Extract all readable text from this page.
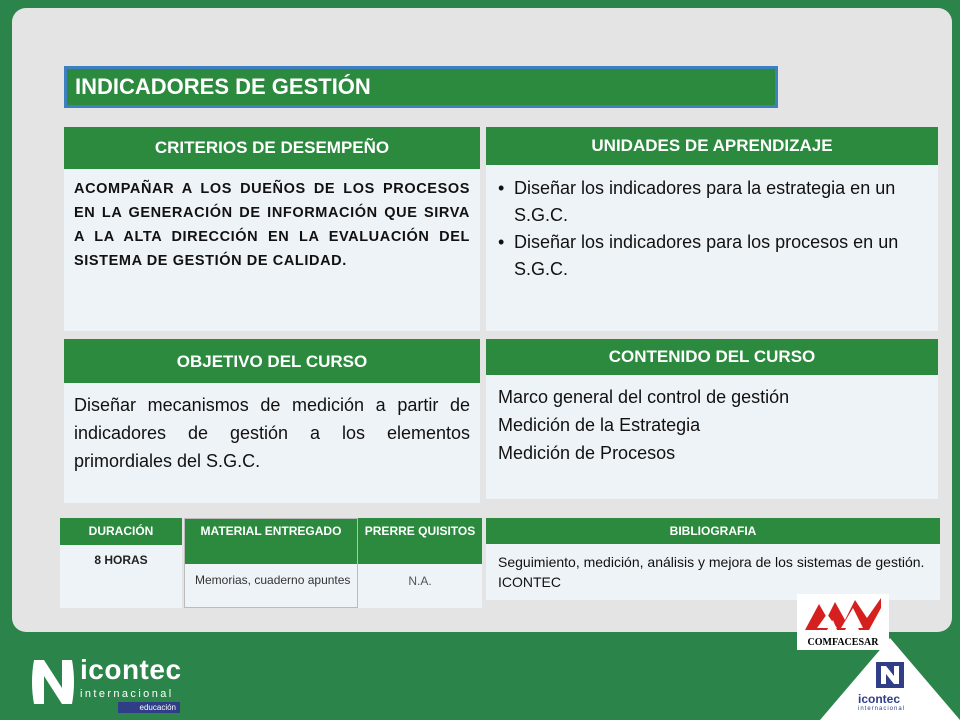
INDICADORES DE GESTIÓN
CRITERIOS DE DESEMPEÑO
ACOMPAÑAR A LOS DUEÑOS DE LOS PROCESOS EN LA GENERACIÓN DE INFORMACIÓN QUE SIRVA A LA ALTA DIRECCIÓN EN LA EVALUACIÓN DEL SISTEMA DE GESTIÓN DE CALIDAD.
UNIDADES DE APRENDIZAJE
• Diseñar los indicadores para la estrategia en un S.G.C.
• Diseñar los indicadores para los procesos en un S.G.C.
OBJETIVO DEL CURSO
Diseñar mecanismos de medición a partir de indicadores de gestión a los elementos primordiales del S.G.C.
CONTENIDO DEL CURSO
Marco general del control de gestión
Medición de la Estrategia
Medición de Procesos
DURACIÓN
8 HORAS
MATERIAL ENTREGADO
Memorias, cuaderno apuntes
PRERRE QUISITOS
N.A.
BIBLIOGRAFIA
Seguimiento, medición, análisis y mejora de los sistemas de gestión. ICONTEC
COMFACESAR
icontec
internacional
educación
icontec
internacional
